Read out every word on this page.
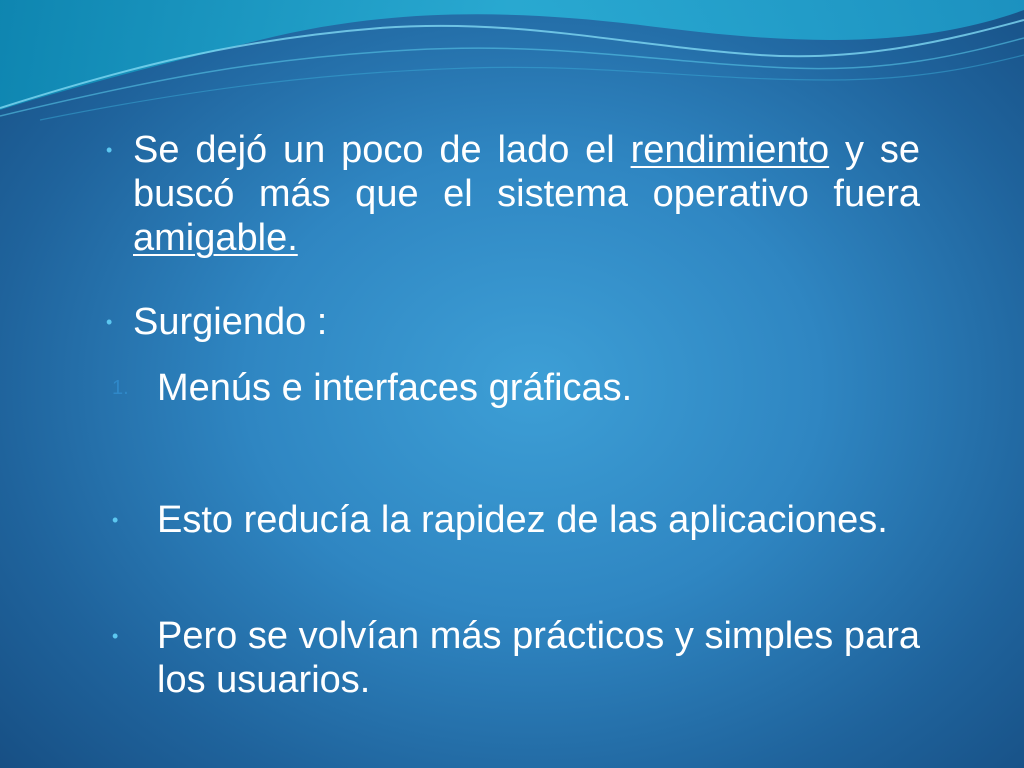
• Se dejó un poco de lado el rendimiento y se buscó más que el sistema operativo fuera amigable.
• Surgiendo :
1. Menús e interfaces gráficas.
• Esto reducía la rapidez de las aplicaciones.
• Pero se volvían más prácticos y simples para los usuarios.
